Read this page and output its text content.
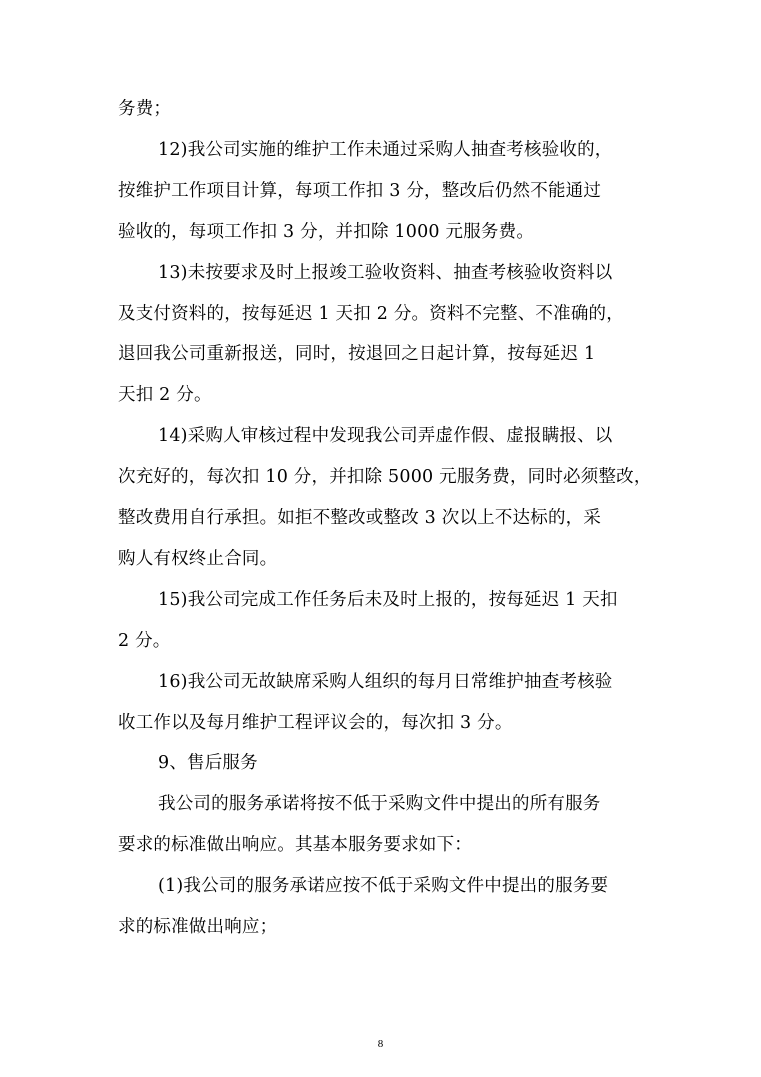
务费；
12)我公司实施的维护工作未通过采购人抽查考核验收的，
按维护工作项目计算，每项工作扣 3 分，整改后仍然不能通过
验收的，每项工作扣 3 分，并扣除 1000 元服务费。
13)未按要求及时上报竣工验收资料、抽查考核验收资料以
及支付资料的，按每延迟 1 天扣 2 分。资料不完整、不准确的，
退回我公司重新报送，同时，按退回之日起计算，按每延迟 1
天扣 2 分。
14)采购人审核过程中发现我公司弄虚作假、虚报瞒报、以
次充好的，每次扣 10 分，并扣除 5000 元服务费，同时必须整改，
整改费用自行承担。如拒不整改或整改 3 次以上不达标的，采
购人有权终止合同。
15)我公司完成工作任务后未及时上报的，按每延迟 1 天扣
2 分。
16)我公司无故缺席采购人组织的每月日常维护抽查考核验
收工作以及每月维护工程评议会的，每次扣 3 分。
9、售后服务
我公司的服务承诺将按不低于采购文件中提出的所有服务
要求的标准做出响应。其基本服务要求如下：
(1)我公司的服务承诺应按不低于采购文件中提出的服务要
求的标准做出响应；
8
